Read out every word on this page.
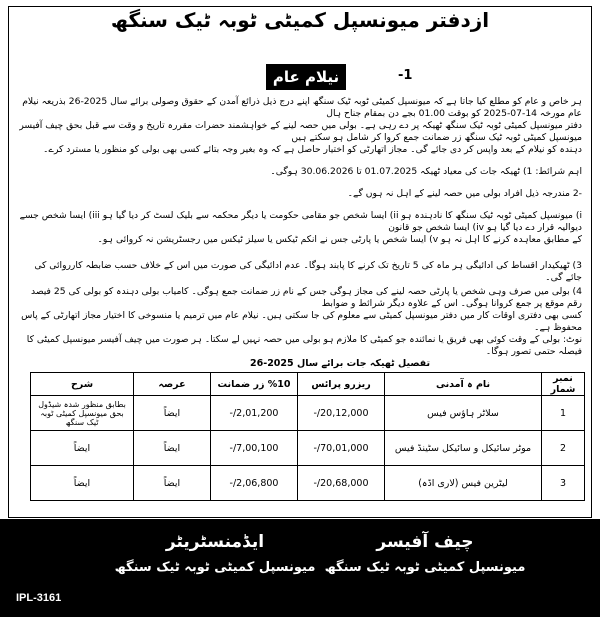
ازدفتر میونسپل کمیٹی ٹوبہ ٹیک سنگھ
-1
نیلام عام
ہر خاص و عام کو مطلع کیا جاتا ہے کہ میونسپل کمیٹی ٹوبہ ٹیک سنگھ اپنے درج ذیل ذرائع آمدن کے حقوق وصولی برائے سال 2025-26 بذریعہ نیلام عام مورخہ 14-07-2025 کو بوقت 01.00 بجے دن بمقام جناح ہال
دفتر میونسپل کمیٹی ٹوبہ ٹیک سنگھ ٹھیکہ پر دے رہی ہے۔ بولی میں حصہ لینے کے خواہشمند حضرات مقررہ تاریخ و وقت سے قبل بحق چیف آفیسر میونسپل کمیٹی ٹوبہ ٹیک سنگھ زر ضمانت جمع کروا کر شامل ہو سکتے ہیں
دہندہ کو نیلام کے بعد واپس کر دی جائے گی۔ مجاز اتھارٹی کو اختیار حاصل ہے کہ وہ بغیر وجہ بتائے کسی بھی بولی کو منظور یا مسترد کرے۔
اہم شرائط: 1) ٹھیکہ جات کی معیاد ٹھیکہ 01.07.2025 تا 30.06.2026 ہوگی۔
-2 مندرجہ ذیل افراد بولی میں حصہ لینے کے اہل نہ ہوں گے۔
i) میونسپل کمیٹی ٹوبہ ٹیک سنگھ کا نادہندہ ہو ii) ایسا شخص جو مقامی حکومت یا دیگر محکمہ سے بلیک لسٹ کر دیا گیا ہو iii) ایسا شخص جسے دیوالیہ قرار دے دیا گیا ہو iv) ایسا شخص جو قانون
کے مطابق معاہدہ کرنے کا اہل نہ ہو v) ایسا شخص یا پارٹی جس نے انکم ٹیکس یا سیلز ٹیکس میں رجسٹریشن نہ کروائی ہو۔
3) ٹھیکیدار اقساط کی ادائیگی ہر ماہ کی 5 تاریخ تک کرنے کا پابند ہوگا۔ عدم ادائیگی کی صورت میں اس کے خلاف حسب ضابطہ کارروائی کی جائے گی۔
4) بولی میں صرف وہی شخص یا پارٹی حصہ لینے کی مجاز ہوگی جس کے نام زر ضمانت جمع ہوگی۔ کامیاب بولی دہندہ کو بولی کی 25 فیصد رقم موقع پر جمع کروانا ہوگی۔ اس کے علاوہ دیگر شرائط و ضوابط
کسی بھی دفتری اوقات کار میں دفتر میونسپل کمیٹی سے معلوم کی جا سکتی ہیں۔ نیلام عام میں ترمیم یا منسوخی کا اختیار مجاز اتھارٹی کے پاس محفوظ ہے۔
نوٹ: بولی کے وقت کوئی بھی فریق یا نمائندہ جو کمیٹی کا ملازم ہو بولی میں حصہ نہیں لے سکتا۔ ہر صورت میں چیف آفیسر میونسپل کمیٹی کا فیصلہ حتمی تصور ہوگا۔
تفصیل ٹھیکہ جات برائے سال 2025-26
نمبر شمار	نام ہ آمدنی	ریزرو پرائس	%10 زر ضمانت	عرصہ	شرح
1	سلاٹر ہاؤس فیس	20,12,000/-	2,01,200/-	ایضاً	بطابق منظور شدہ شیڈول بحق میونسپل کمیٹی ٹوبہ ٹیک سنگھ
2	موٹر سائیکل و سائیکل سٹینڈ فیس	70,01,000/-	7,00,100/-	ایضاً	ایضاً
3	لیٹرین فیس (لاری اڈہ)	20,68,000/-	2,06,800/-	ایضاً	ایضاً
چیف آفیسر
میونسپل کمیٹی ٹوبہ ٹیک سنگھ
ایڈمنسٹریٹر
میونسپل کمیٹی ٹوبہ ٹیک سنگھ
IPL-3161
